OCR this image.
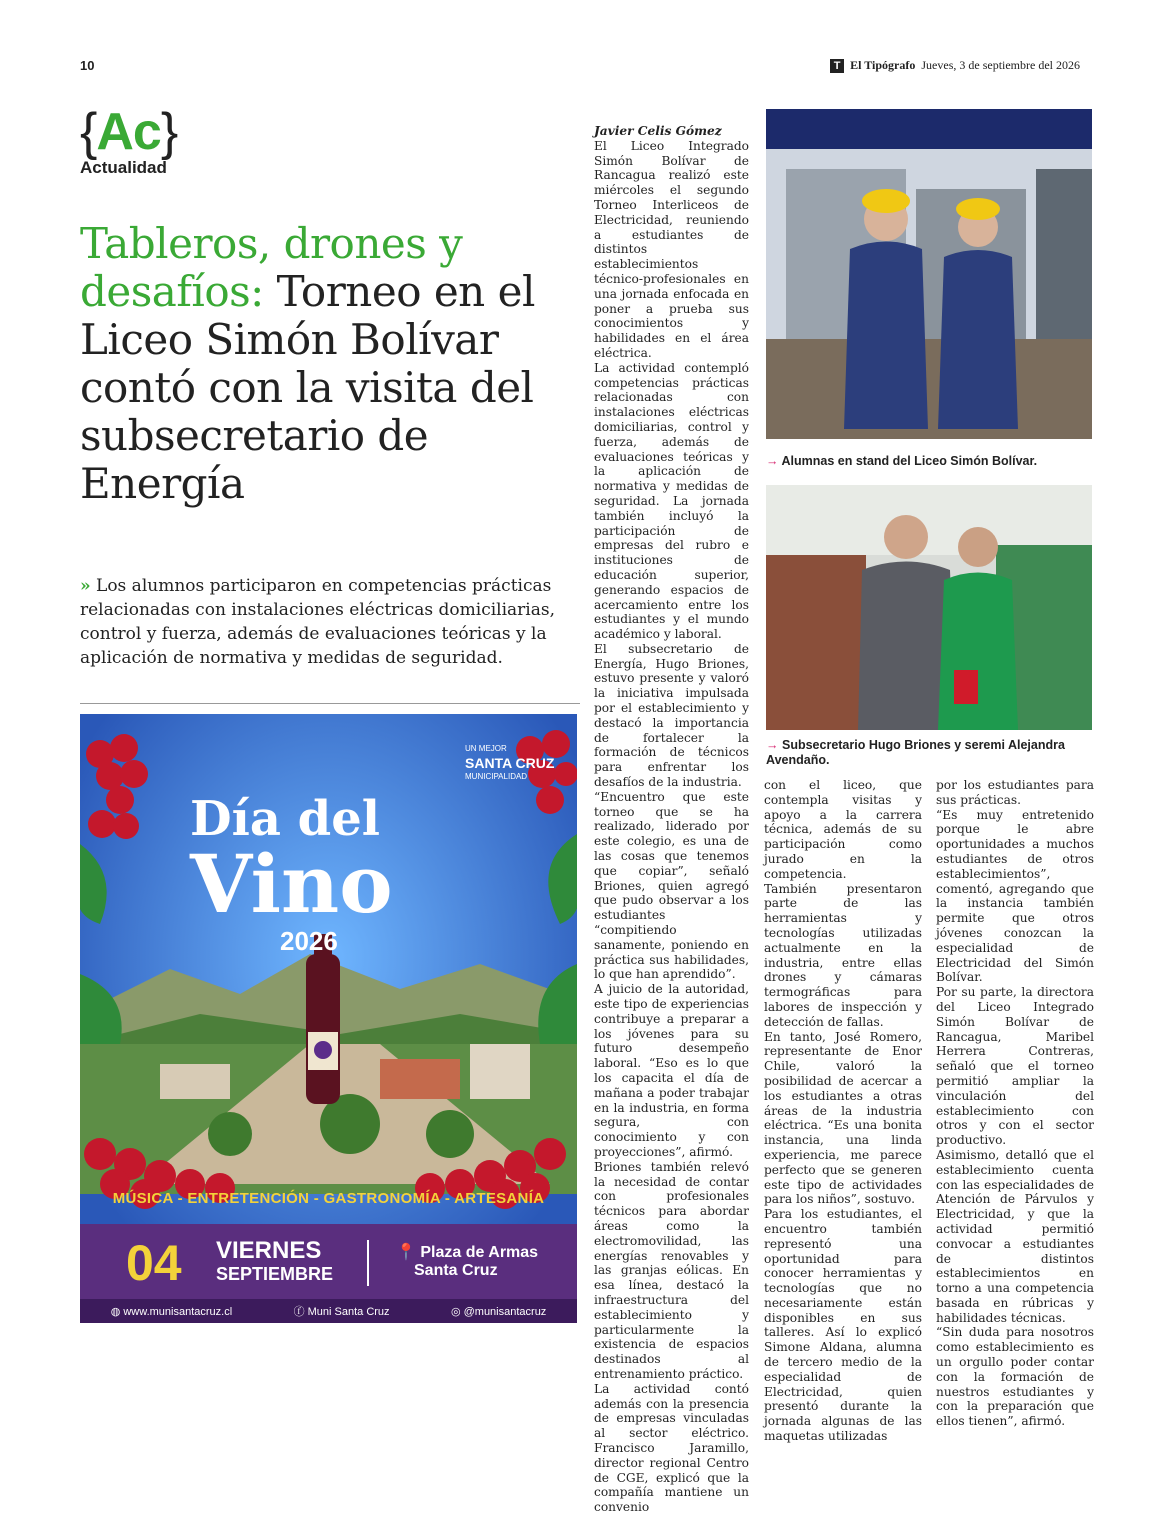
10	T El Tipógrafo Jueves, 3 de septiembre del 2026
{Ac}
Actualidad
Tableros, drones y desafíos: Torneo en el Liceo Simón Bolívar contó con la visita del subsecretario de Energía
» Los alumnos participaron en competencias prácticas relacionadas con instalaciones eléctricas domiciliarias, control y fuerza, además de evaluaciones teóricas y la aplicación de normativa y medidas de seguridad.
UN MEJOR
SANTA CRUZ
MUNICIPALIDAD
Día del
Vino
2026
MÚSICA - ENTRETENCIÓN - GASTRONOMÍA - ARTESANÍA
04 VIERNES
SEPTIEMBRE
📍 Plaza de Armas
Santa Cruz
◍ www.munisantacruz.cl	ⓕ Muni Santa Cruz	◎ @munisantacruz
→ Alumnas en stand del Liceo Simón Bolívar.
→ Subsecretario Hugo Briones y seremi Alejandra Avendaño.

Javier Celis Gómez

El Liceo Integrado Simón Bolívar de Rancagua realizó este miércoles el segundo Torneo Interliceos de Electricidad, reuniendo a estudiantes de distintos establecimientos técnico-profesionales en una jornada enfocada en poner a prueba sus conocimientos y habilidades en el área eléctrica.

La actividad contempló competencias prácticas relacionadas con instalaciones eléctricas domiciliarias, control y fuerza, además de evaluaciones teóricas y la aplicación de normativa y medidas de seguridad. La jornada también incluyó la participación de empresas del rubro e instituciones de educación superior, generando espacios de acercamiento entre los estudiantes y el mundo académico y laboral.

El subsecretario de Energía, Hugo Briones, estuvo presente y valoró la iniciativa impulsada por el establecimiento y destacó la importancia de fortalecer la formación de técnicos para enfrentar los desafíos de la industria.

“Encuentro que este torneo que se ha realizado, liderado por este colegio, es una de las cosas que tenemos que copiar”, señaló Briones, quien agregó que pudo observar a los estudiantes “compitiendo sanamente, poniendo en práctica sus habilidades, lo que han aprendido”.

A juicio de la autoridad, este tipo de experiencias contribuye a preparar a los jóvenes para su futuro desempeño laboral. “Eso es lo que los capacita el día de mañana a poder trabajar en la industria, en forma segura, con conocimiento y con proyecciones”, afirmó.

Briones también relevó la necesidad de contar con profesionales técnicos para abordar áreas como la electromovilidad, las energías renovables y las granjas eólicas. En esa línea, destacó la infraestructura del establecimiento y particularmente la existencia de espacios destinados al entrenamiento práctico.

La actividad contó además con la presencia de empresas vinculadas al sector eléctrico. Francisco Jaramillo, director regional Centro de CGE, explicó que la compañía mantiene un convenio

con el liceo, que contempla visitas y apoyo a la carrera técnica, además de su participación como jurado en la competencia.

También presentaron parte de las herramientas y tecnologías utilizadas actualmente en la industria, entre ellas drones y cámaras termográficas para labores de inspección y detección de fallas.

En tanto, José Romero, representante de Enor Chile, valoró la posibilidad de acercar a los estudiantes a otras áreas de la industria eléctrica. “Es una bonita instancia, una linda experiencia, me parece perfecto que se generen este tipo de actividades para los niños”, sostuvo.

Para los estudiantes, el encuentro también representó una oportunidad para conocer herramientas y tecnologías que no necesariamente están disponibles en sus talleres. Así lo explicó Simone Aldana, alumna de tercero medio de la especialidad de Electricidad, quien presentó durante la jornada algunas de las maquetas utilizadas

por los estudiantes para sus prácticas.

“Es muy entretenido porque le abre oportunidades a muchos estudiantes de otros establecimientos”, comentó, agregando que la instancia también permite que otros jóvenes conozcan la especialidad de Electricidad del Simón Bolívar.

Por su parte, la directora del Liceo Integrado Simón Bolívar de Rancagua, Maribel Herrera Contreras, señaló que el torneo permitió ampliar la vinculación del establecimiento con otros y con el sector productivo.

Asimismo, detalló que el establecimiento cuenta con las especialidades de Atención de Párvulos y Electricidad, y que la actividad permitió convocar a estudiantes de distintos establecimientos en torno a una competencia basada en rúbricas y habilidades técnicas.

“Sin duda para nosotros como establecimiento es un orgullo poder contar con la formación de nuestros estudiantes y con la preparación que ellos tienen”, afirmó.
